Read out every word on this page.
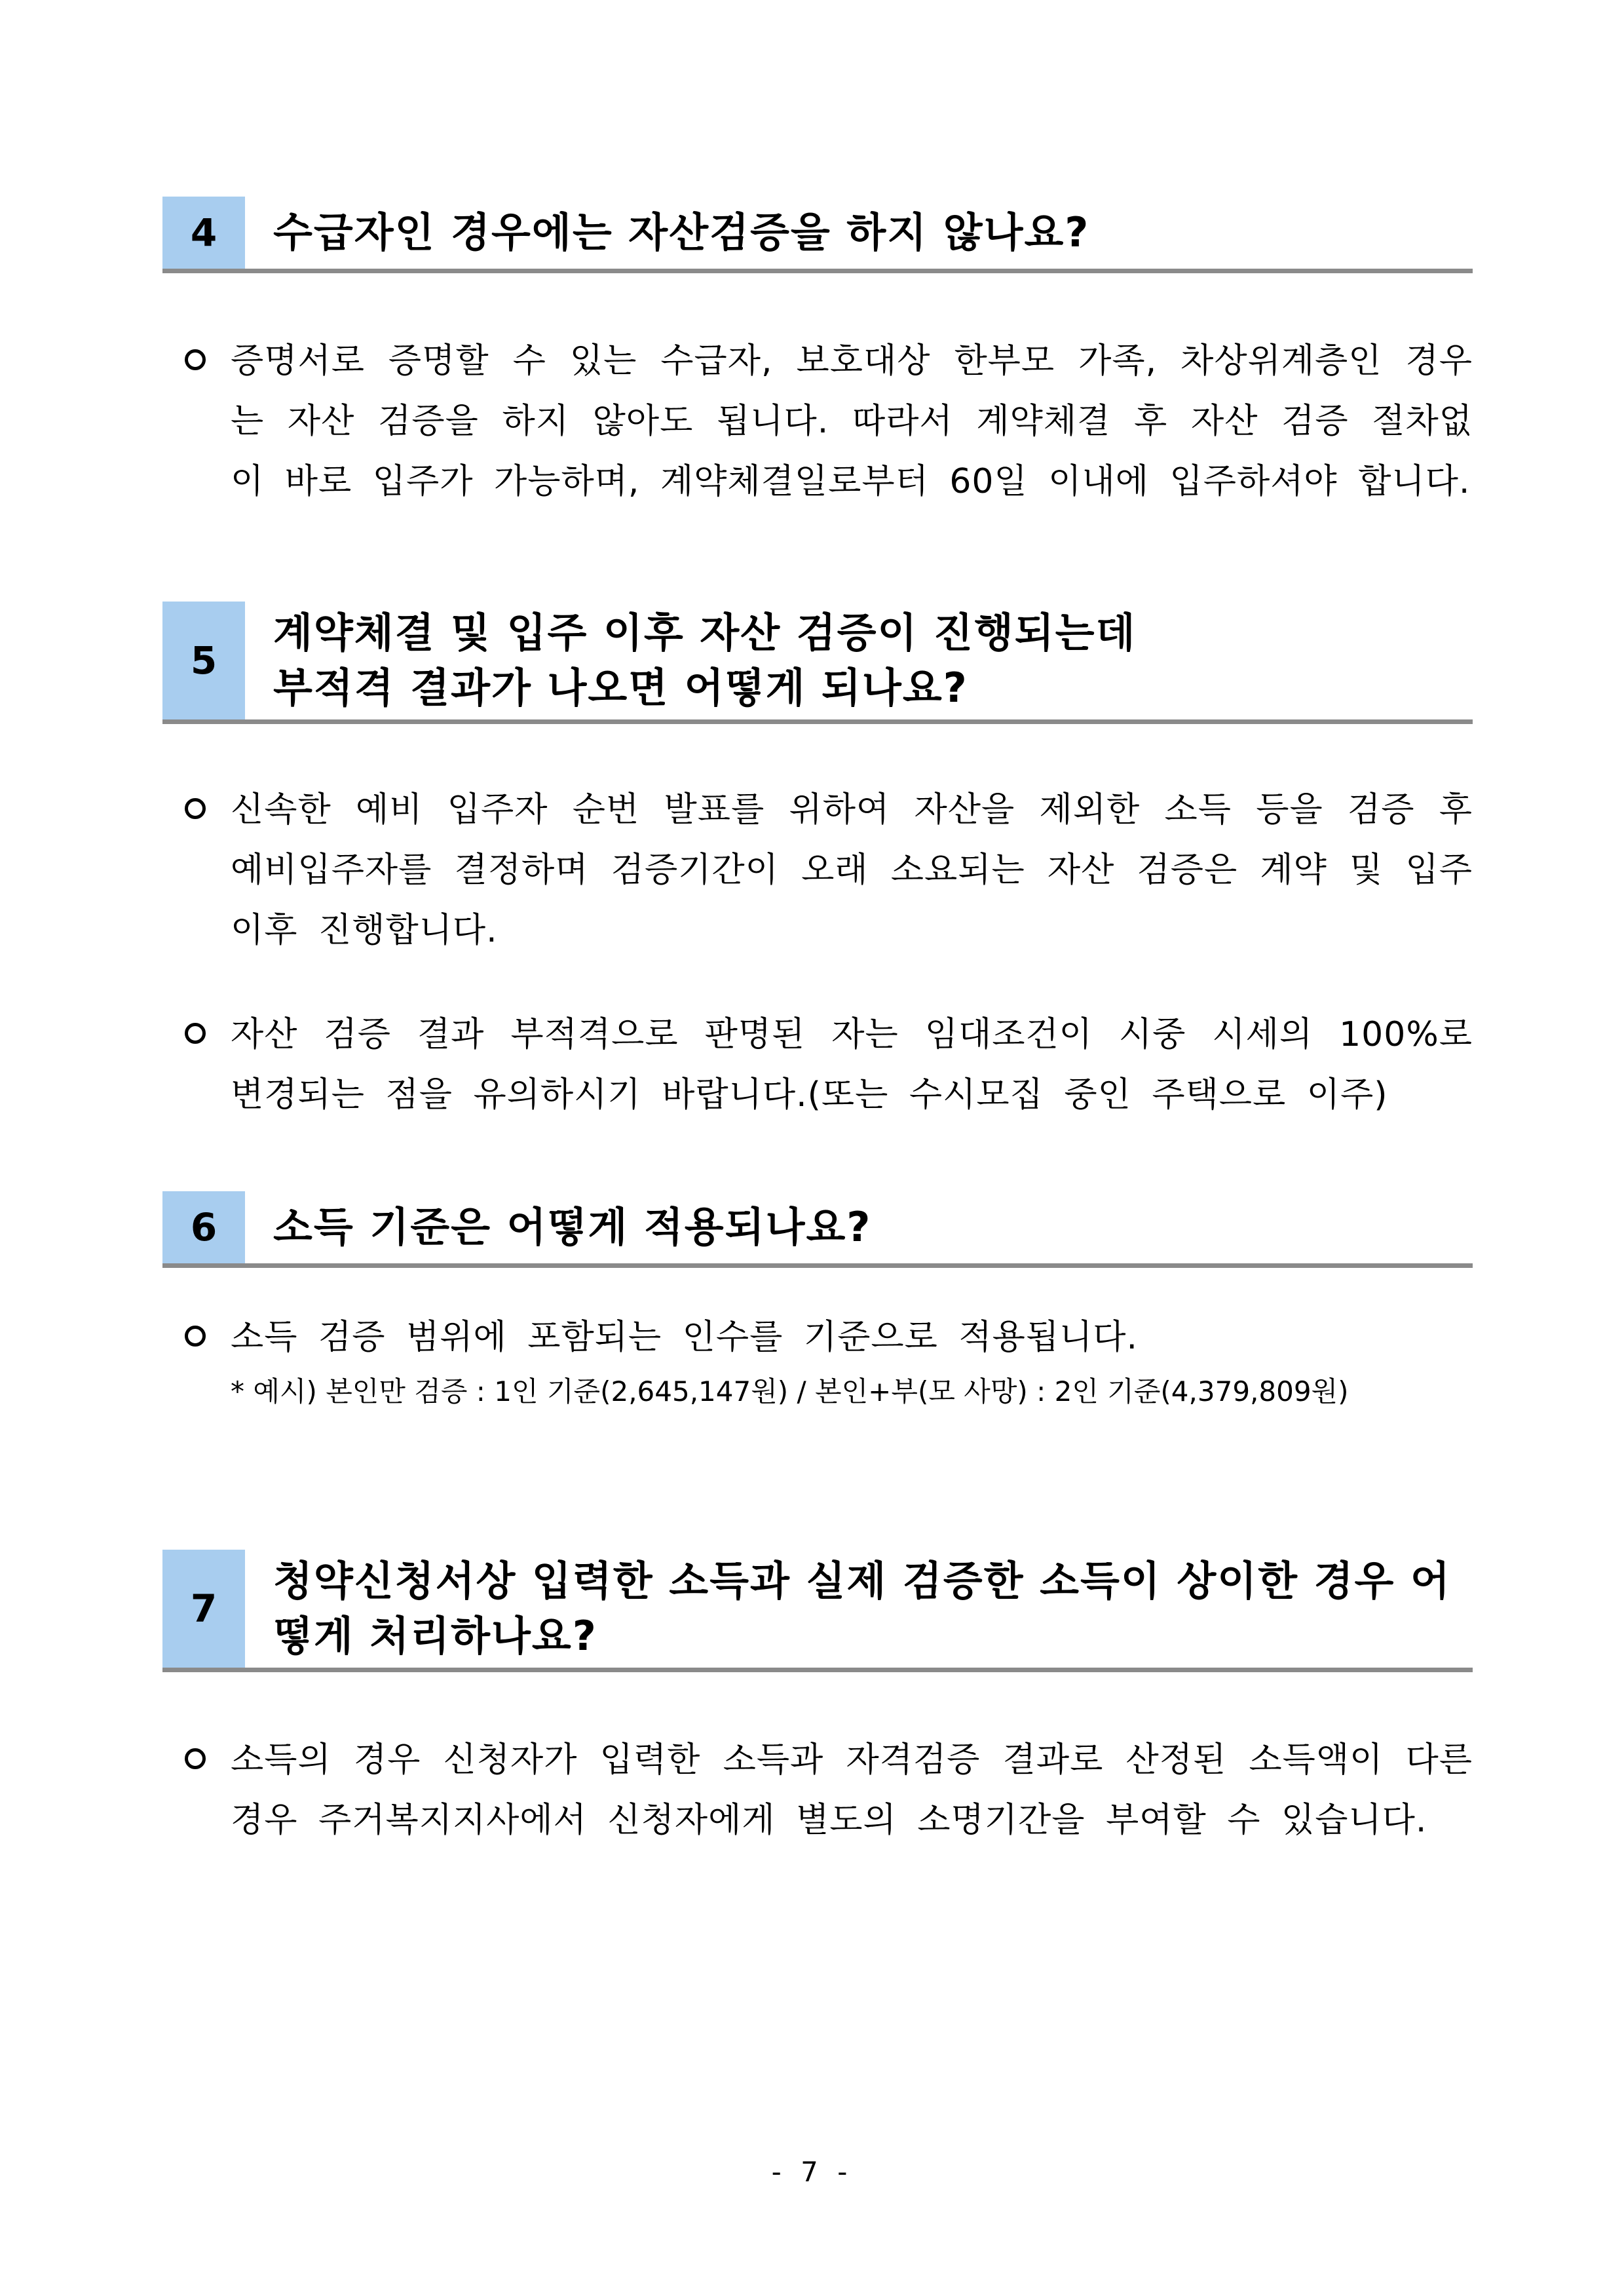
4	수급자인 경우에는 자산검증을 하지 않나요?
증명서로 증명할 수 있는 수급자, 보호대상 한부모 가족, 차상위계층인 경우는 자산 검증을 하지 않아도 됩니다. 따라서 계약체결 후 자산 검증 절차없이 바로 입주가 가능하며, 계약체결일로부터 60일 이내에 입주하셔야 합니다.
5
계약체결 및 입주 이후 자산 검증이 진행되는데
부적격 결과가 나오면 어떻게 되나요?
신속한 예비 입주자 순번 발표를 위하여 자산을 제외한 소득 등을 검증 후 예비입주자를 결정하며 검증기간이 오래 소요되는 자산 검증은 계약 및 입주 이후 진행합니다.
자산 검증 결과 부적격으로 판명된 자는 임대조건이 시중 시세의 100%로 변경되는 점을 유의하시기 바랍니다.(또는 수시모집 중인 주택으로 이주)
6	소득 기준은 어떻게 적용되나요?
소득 검증 범위에 포함되는 인수를 기준으로 적용됩니다.
* 예시) 본인만 검증 : 1인 기준(2,645,147원) / 본인+부(모 사망) : 2인 기준(4,379,809원)
7
청약신청서상 입력한 소득과 실제 검증한 소득이 상이한 경우 어
떻게 처리하나요?
소득의 경우 신청자가 입력한 소득과 자격검증 결과로 산정된 소득액이 다른 경우 주거복지지사에서 신청자에게 별도의 소명기간을 부여할 수 있습니다.
- 7 -
